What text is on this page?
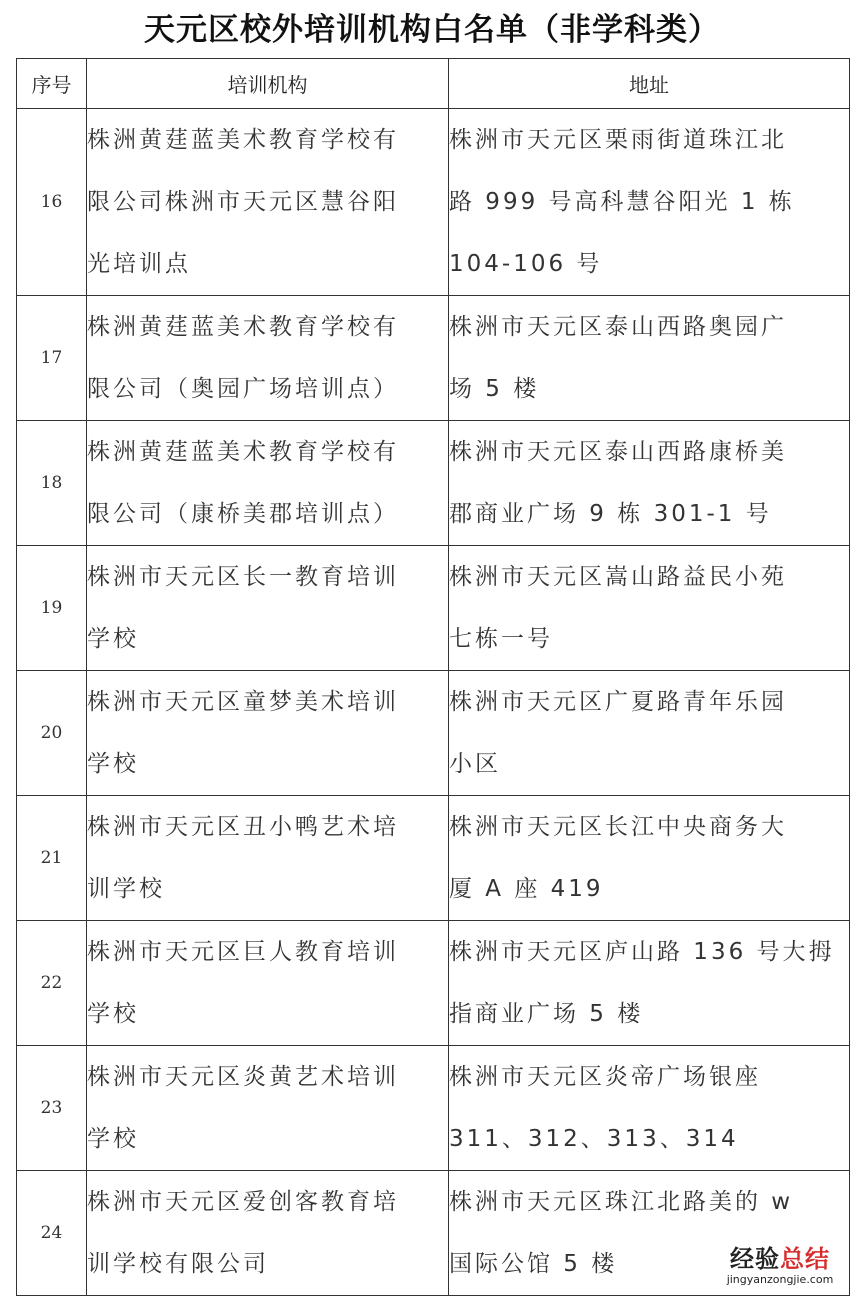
天元区校外培训机构白名单（非学科类）
序号	培训机构	地址
16	株洲黄莛蓝美术教育学校有
限公司株洲市天元区慧谷阳
光培训点	株洲市天元区栗雨街道珠江北
路 999 号高科慧谷阳光 1 栋
104-106 号

17	株洲黄莛蓝美术教育学校有
限公司（奥园广场培训点）	株洲市天元区泰山西路奥园广
场 5 楼

18	株洲黄莛蓝美术教育学校有
限公司（康桥美郡培训点）	株洲市天元区泰山西路康桥美
郡商业广场 9 栋 301-1 号

19	株洲市天元区长一教育培训
学校	株洲市天元区嵩山路益民小苑
七栋一号

20	株洲市天元区童梦美术培训
学校	株洲市天元区广夏路青年乐园
小区

21	株洲市天元区丑小鸭艺术培
训学校	株洲市天元区长江中央商务大
厦 A 座 419

22	株洲市天元区巨人教育培训
学校	株洲市天元区庐山路 136 号大拇
指商业广场 5 楼

23	株洲市天元区炎黄艺术培训
学校	株洲市天元区炎帝广场银座
311、312、313、314

24	株洲市天元区爱创客教育培
训学校有限公司	株洲市天元区珠江北路美的 w
国际公馆 5 楼	经验总结
jingyanzongjie.com
